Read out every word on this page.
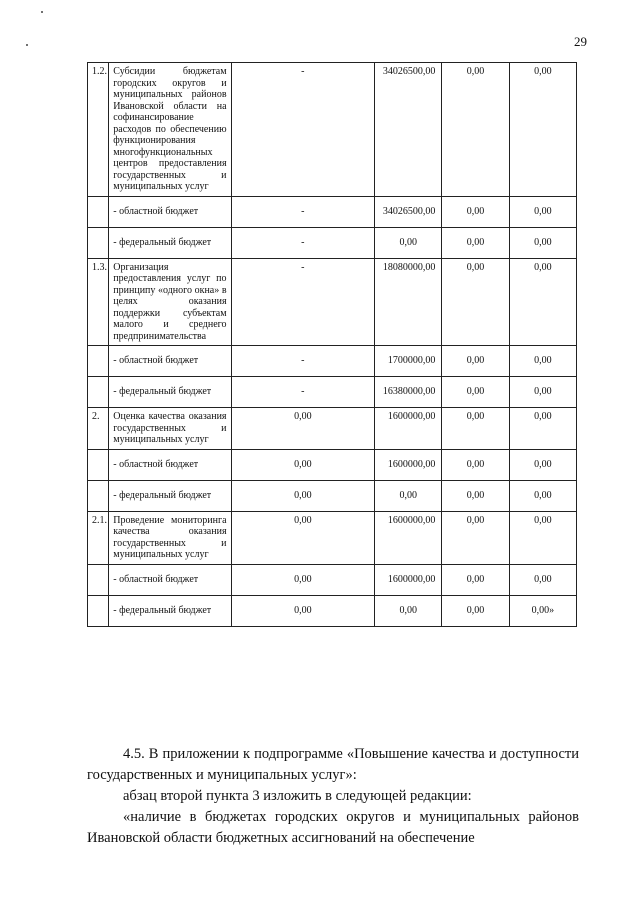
29
1.2.	Субсидии бюджетам городских округов и муниципальных районов Ивановской области на софинансирование расходов по обеспечению функционирования многофункциональных центров предоставления государственных и муниципальных услуг	-	34026500,00	0,00	0,00
	- областной бюджет	-	34026500,00	0,00	0,00
	- федеральный бюджет	-	0,00	0,00	0,00
1.3.	Организация предоставления услуг по принципу «одного окна» в целях оказания поддержки субъектам малого и среднего предпринимательства	-	18080000,00	0,00	0,00
	- областной бюджет	-	1700000,00	0,00	0,00
	- федеральный бюджет	-	16380000,00	0,00	0,00
2.	Оценка качества оказания государственных и муниципальных услуг	0,00	1600000,00	0,00	0,00
	- областной бюджет	0,00	1600000,00	0,00	0,00
	- федеральный бюджет	0,00	0,00	0,00	0,00
2.1.	Проведение мониторинга качества оказания государственных и муниципальных услуг	0,00	1600000,00	0,00	0,00
	- областной бюджет	0,00	1600000,00	0,00	0,00
	- федеральный бюджет	0,00	0,00	0,00	0,00»

4.5. В приложении к подпрограмме «Повышение качества и доступности государственных и муниципальных услуг»:

абзац второй пункта 3 изложить в следующей редакции:

«наличие в бюджетах городских округов и муниципальных районов Ивановской области бюджетных ассигнований на обеспечение
